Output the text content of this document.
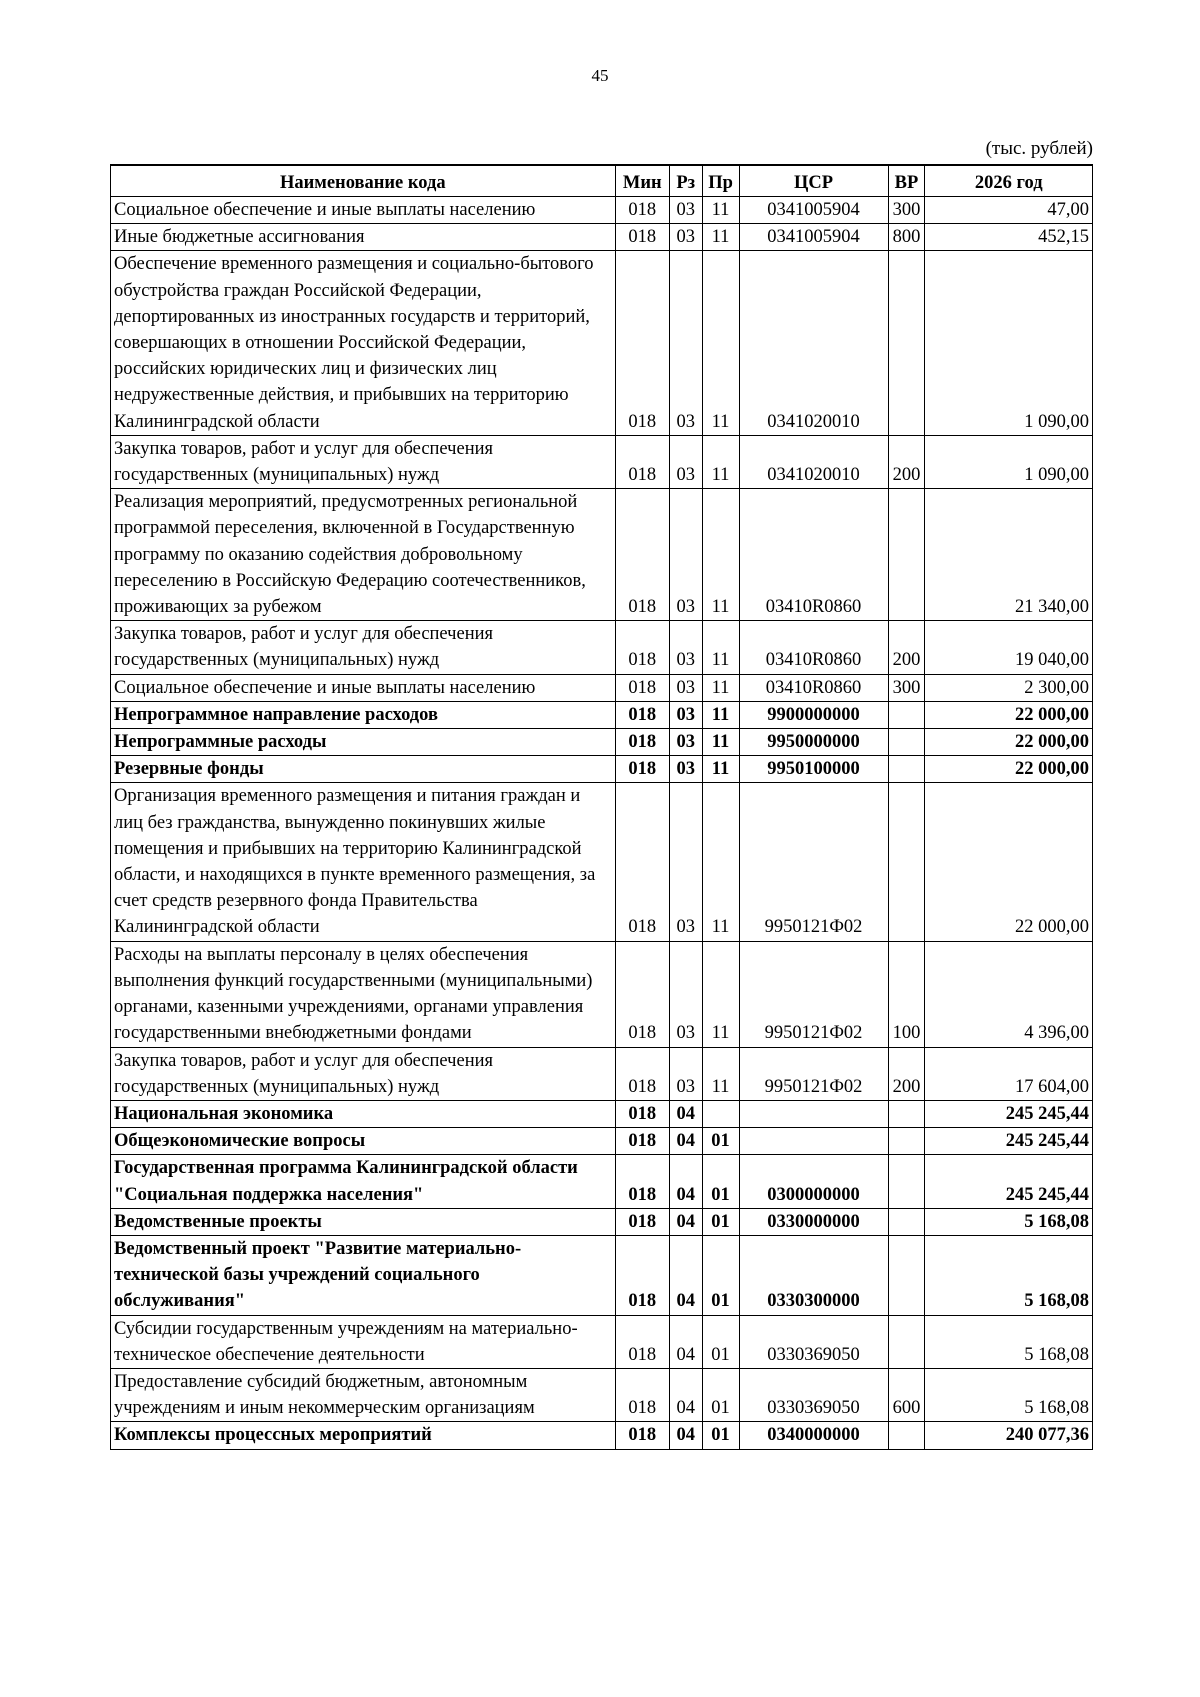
45
(тыс. рублей)
Наименование кода	Мин	Рз	Пр	ЦСР	ВР	2026 год
Социальное обеспечение и иные выплаты населению	018	03	11	0341005904	300	47,00
Иные бюджетные ассигнования	018	03	11	0341005904	800	452,15
Обеспечение временного размещения и социально-бытового обустройства граждан Российской Федерации, депортированных из иностранных государств и территорий, совершающих в отношении Российской Федерации, российских юридических лиц и физических лиц недружественные действия, и прибывших на территорию Калининградской области	018	03	11	0341020010		1 090,00
Закупка товаров, работ и услуг для обеспечения государственных (муниципальных) нужд	018	03	11	0341020010	200	1 090,00
Реализация мероприятий, предусмотренных региональной программой переселения, включенной в Государственную программу по оказанию содействия добровольному переселению в Российскую Федерацию соотечественников, проживающих за рубежом	018	03	11	03410R0860		21 340,00
Закупка товаров, работ и услуг для обеспечения государственных (муниципальных) нужд	018	03	11	03410R0860	200	19 040,00
Социальное обеспечение и иные выплаты населению	018	03	11	03410R0860	300	2 300,00
Непрограммное направление расходов	018	03	11	9900000000		22 000,00
Непрограммные расходы	018	03	11	9950000000		22 000,00
Резервные фонды	018	03	11	9950100000		22 000,00
Организация временного размещения и питания граждан и лиц без гражданства, вынужденно покинувших жилые помещения и прибывших на территорию Калининградской области, и находящихся в пункте временного размещения, за счет средств резервного фонда Правительства Калининградской области	018	03	11	9950121Ф02		22 000,00
Расходы на выплаты персоналу в целях обеспечения выполнения функций государственными (муниципальными) органами, казенными учреждениями, органами управления государственными внебюджетными фондами	018	03	11	9950121Ф02	100	4 396,00
Закупка товаров, работ и услуг для обеспечения государственных (муниципальных) нужд	018	03	11	9950121Ф02	200	17 604,00
Национальная экономика	018	04				245 245,44
Общеэкономические вопросы	018	04	01			245 245,44
Государственная программа Калининградской области "Социальная поддержка населения"	018	04	01	0300000000		245 245,44
Ведомственные проекты	018	04	01	0330000000		5 168,08
Ведомственный проект "Развитие материально-технической базы учреждений социального обслуживания"	018	04	01	0330300000		5 168,08
Субсидии государственным учреждениям на материально-техническое обеспечение деятельности	018	04	01	0330369050		5 168,08
Предоставление субсидий бюджетным, автономным учреждениям и иным некоммерческим организациям	018	04	01	0330369050	600	5 168,08
Комплексы процессных мероприятий	018	04	01	0340000000		240 077,36
